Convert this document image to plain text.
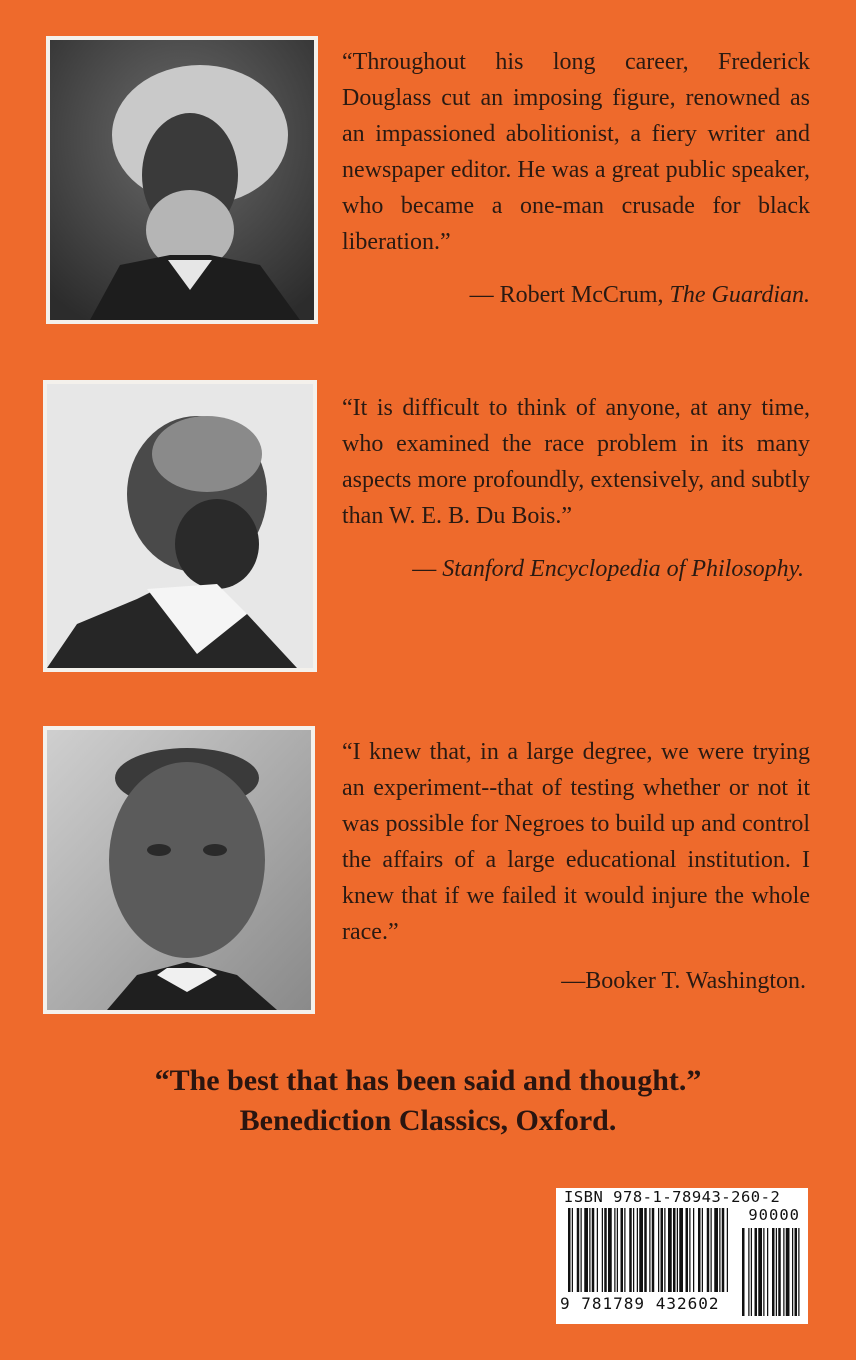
“Throughout his long career, Frederick Douglass cut an imposing figure, renowned as an impassioned abolitionist, a fiery writer and newspaper editor. He was a great public speaker, who became a one-man crusade for black liberation.”

— Robert McCrum, The Guardian.

“It is difficult to think of anyone, at any time, who examined the race problem in its many aspects more profoundly, extensively, and subtly than W. E. B. Du Bois.”

— Stanford Encyclopedia of Philosophy.

“I knew that, in a large degree, we were trying an experiment--that of testing whether or not it was possible for Negroes to build up and control the affairs of a large educational institution. I knew that if we failed it would injure the whole race.”

—Booker T. Washington.
“The best that has been said and thought.”
Benediction Classics, Oxford.
ISBN 978-1-78943-260-2
90000
9 781789 432602
